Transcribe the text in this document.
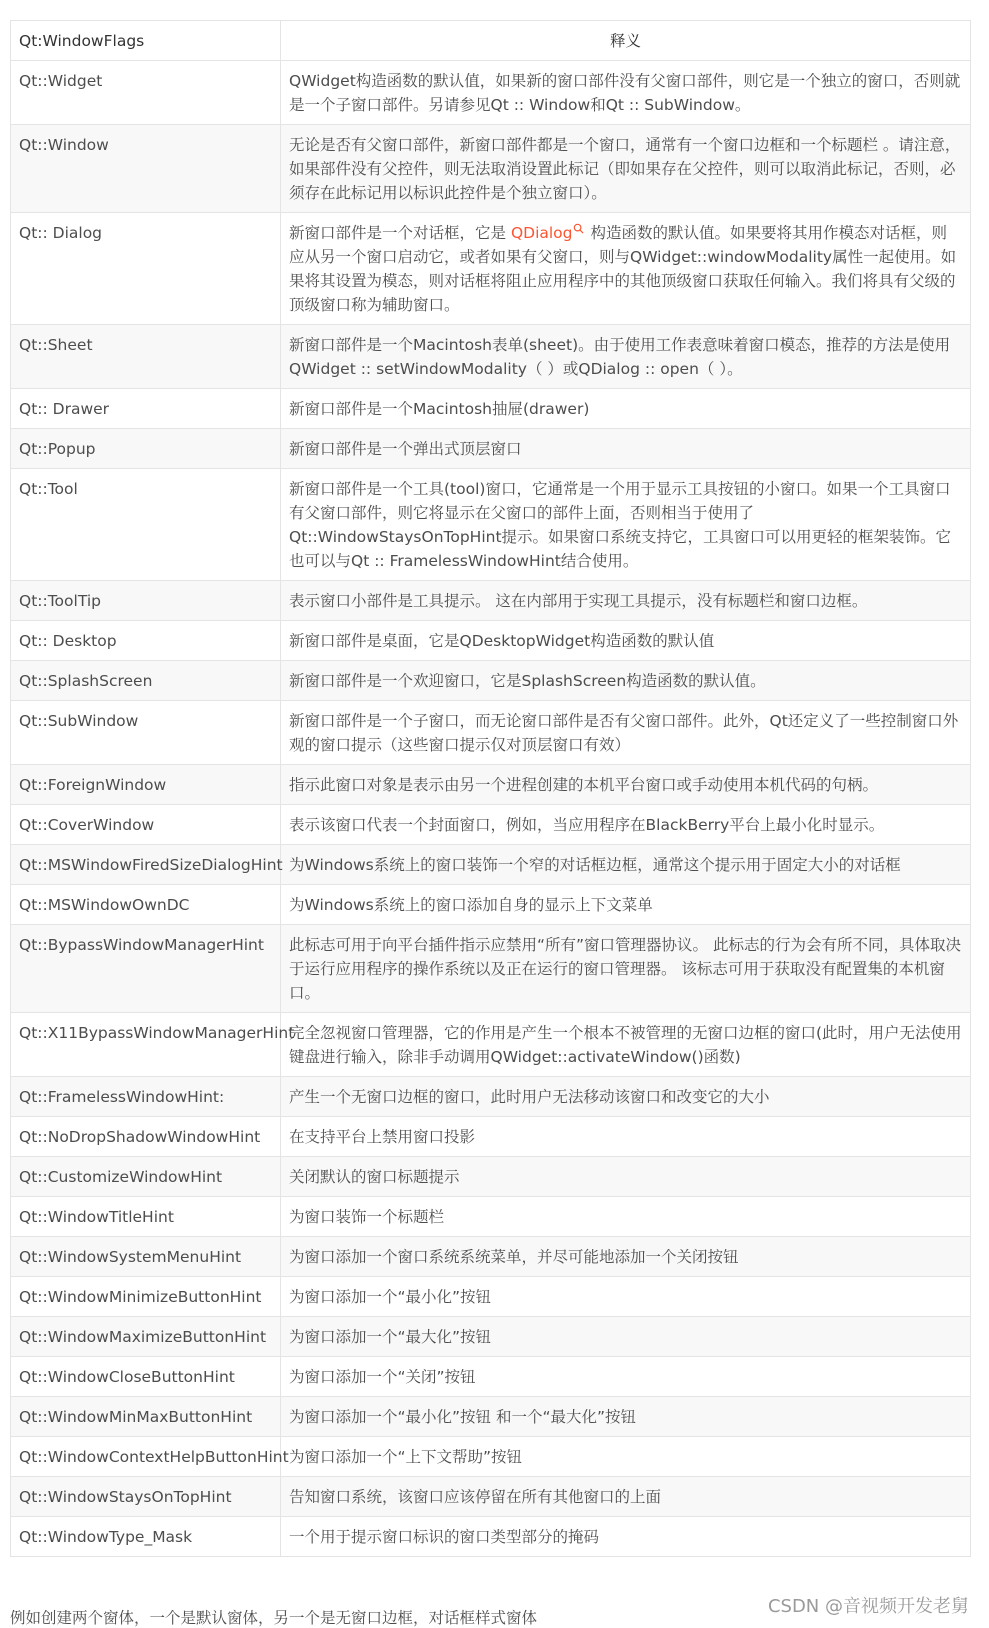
Qt:WindowFlags	释义
Qt::Widget	QWidget构造函数的默认值，如果新的窗口部件没有父窗口部件，则它是一个独立的窗口，否则就是一个子窗口部件。另请参见Qt :: Window和Qt :: SubWindow。
Qt::Window	无论是否有父窗口部件，新窗口部件都是一个窗口，通常有一个窗口边框和一个标题栏 。请注意，如果部件没有父控件，则无法取消设置此标记（即如果存在父控件，则可以取消此标记，否则，必须存在此标记用以标识此控件是个独立窗口）。
Qt:: Dialog	新窗口部件是一个对话框，它是 QDialog 构造函数的默认值。如果要将其用作模态对话框，则应从另一个窗口启动它，或者如果有父窗口，则与QWidget::windowModality属性一起使用。如果将其设置为模态，则对话框将阻止应用程序中的其他顶级窗口获取任何输入。我们将具有父级的顶级窗口称为辅助窗口。
Qt::Sheet	新窗口部件是一个Macintosh表单(sheet)。由于使用工作表意味着窗口模态，推荐的方法是使用QWidget :: setWindowModality（ ）或QDialog :: open（ ）。
Qt:: Drawer	新窗口部件是一个Macintosh抽屉(drawer)
Qt::Popup	新窗口部件是一个弹出式顶层窗口
Qt::Tool	新窗口部件是一个工具(tool)窗口，它通常是一个用于显示工具按钮的小窗口。如果一个工具窗口有父窗口部件，则它将显示在父窗口的部件上面，否则相当于使用了Qt::WindowStaysOnTopHint提示。如果窗口系统支持它，工具窗口可以用更轻的框架装饰。它也可以与Qt :: FramelessWindowHint结合使用。
Qt::ToolTip	表示窗口小部件是工具提示。 这在内部用于实现工具提示，没有标题栏和窗口边框。
Qt:: Desktop	新窗口部件是桌面，它是QDesktopWidget构造函数的默认值
Qt::SplashScreen	新窗口部件是一个欢迎窗口，它是SplashScreen构造函数的默认值。
Qt::SubWindow	新窗口部件是一个子窗口，而无论窗口部件是否有父窗口部件。此外，Qt还定义了一些控制窗口外观的窗口提示（这些窗口提示仅对顶层窗口有效）
Qt::ForeignWindow	指示此窗口对象是表示由另一个进程创建的本机平台窗口或手动使用本机代码的句柄。
Qt::CoverWindow	表示该窗口代表一个封面窗口，例如，当应用程序在BlackBerry平台上最小化时显示。
Qt::MSWindowFiredSizeDialogHint	为Windows系统上的窗口装饰一个窄的对话框边框，通常这个提示用于固定大小的对话框
Qt::MSWindowOwnDC	为Windows系统上的窗口添加自身的显示上下文菜单
Qt::BypassWindowManagerHint	此标志可用于向平台插件指示应禁用“所有”窗口管理器协议。 此标志的行为会有所不同，具体取决于运行应用程序的操作系统以及正在运行的窗口管理器。 该标志可用于获取没有配置集的本机窗口。
Qt::X11BypassWindowManagerHint	完全忽视窗口管理器，它的作用是产生一个根本不被管理的无窗口边框的窗口(此时，用户无法使用键盘进行输入，除非手动调用QWidget::activateWindow()函数)
Qt::FramelessWindowHint:	产生一个无窗口边框的窗口，此时用户无法移动该窗口和改变它的大小
Qt::NoDropShadowWindowHint	在支持平台上禁用窗口投影
Qt::CustomizeWindowHint	关闭默认的窗口标题提示
Qt::WindowTitleHint	为窗口装饰一个标题栏
Qt::WindowSystemMenuHint	为窗口添加一个窗口系统系统菜单，并尽可能地添加一个关闭按钮
Qt::WindowMinimizeButtonHint	为窗口添加一个“最小化”按钮
Qt::WindowMaximizeButtonHint	为窗口添加一个“最大化”按钮
Qt::WindowCloseButtonHint	为窗口添加一个“关闭”按钮
Qt::WindowMinMaxButtonHint	为窗口添加一个“最小化”按钮 和一个“最大化”按钮
Qt::WindowContextHelpButtonHint	为窗口添加一个“上下文帮助”按钮
Qt::WindowStaysOnTopHint	告知窗口系统，该窗口应该停留在所有其他窗口的上面
Qt::WindowType_Mask	一个用于提示窗口标识的窗口类型部分的掩码
例如创建两个窗体，一个是默认窗体，另一个是无窗口边框，对话框样式窗体
CSDN @音视频开发老舅
